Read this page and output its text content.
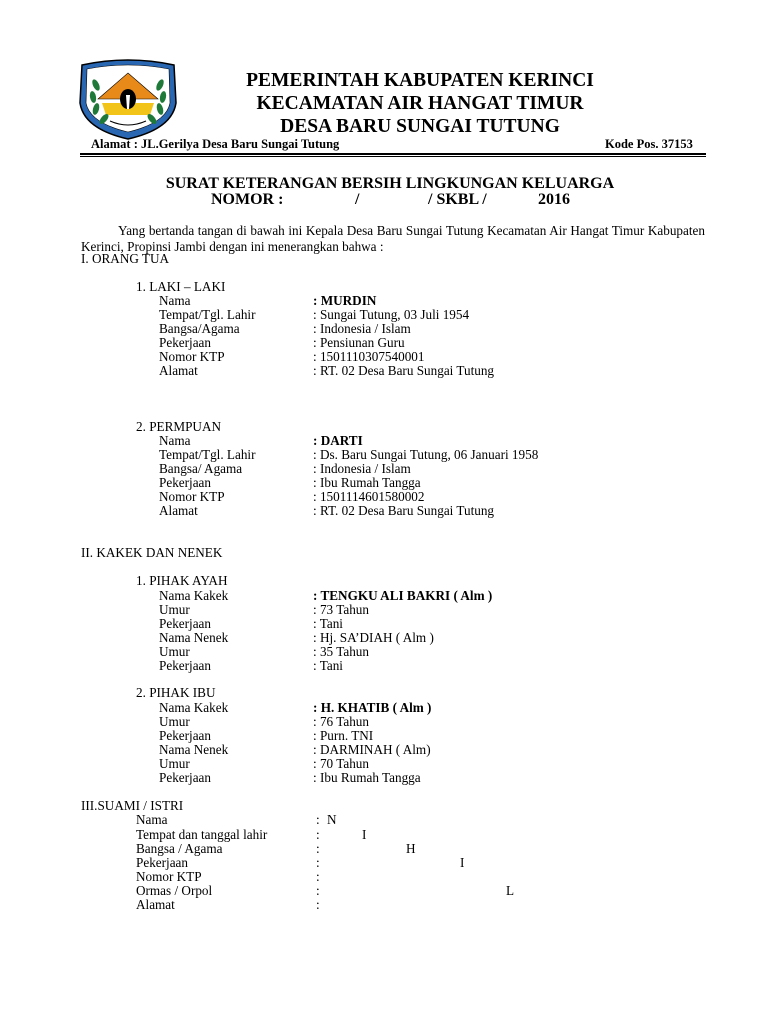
PEMERINTAH KABUPATEN KERINCI
KECAMATAN AIR HANGAT TIMUR
DESA BARU SUNGAI TUTUNG
Alamat : JL.Gerilya Desa Baru Sungai Tutung	Kode Pos. 37153
SURAT KETERANGAN BERSIH LINGKUNGAN KELUARGA
NOMOR :	/	/ SKBL /	2016
Yang bertanda tangan di bawah ini Kepala Desa Baru Sungai Tutung Kecamatan Air Hangat Timur Kabupaten Kerinci, Propinsi Jambi dengan ini menerangkan bahwa :
I. ORANG TUA
1. LAKI – LAKI
Nama	: MURDIN
Tempat/Tgl. Lahir	: Sungai Tutung, 03 Juli 1954
Bangsa/Agama	: Indonesia / Islam
Pekerjaan	: Pensiunan Guru
Nomor KTP	: 1501110307540001
Alamat	: RT. 02 Desa Baru Sungai Tutung
2. PERMPUAN
Nama	: DARTI
Tempat/Tgl. Lahir	: Ds. Baru Sungai Tutung, 06 Januari 1958
Bangsa/ Agama	: Indonesia / Islam
Pekerjaan	: Ibu Rumah Tangga
Nomor KTP	: 1501114601580002
Alamat	: RT. 02 Desa Baru Sungai Tutung
II. KAKEK DAN NENEK
1. PIHAK AYAH
Nama Kakek	: TENGKU ALI BAKRI ( Alm )
Umur	: 73 Tahun
Pekerjaan	: Tani
Nama Nenek	: Hj. SA’DIAH ( Alm )
Umur	: 35 Tahun
Pekerjaan	: Tani
2. PIHAK IBU
Nama Kakek	: H. KHATIB ( Alm )
Umur	: 76 Tahun
Pekerjaan	: Purn. TNI
Nama Nenek	: DARMINAH ( Alm)
Umur	: 70 Tahun
Pekerjaan	: Ibu Rumah Tangga
III.SUAMI / ISTRI
Nama	: N
Tempat dan tanggal lahir	:	I
Bangsa / Agama	:	H
Pekerjaan	:	I
Nomor KTP	:
Ormas / Orpol	:	L
Alamat	:
